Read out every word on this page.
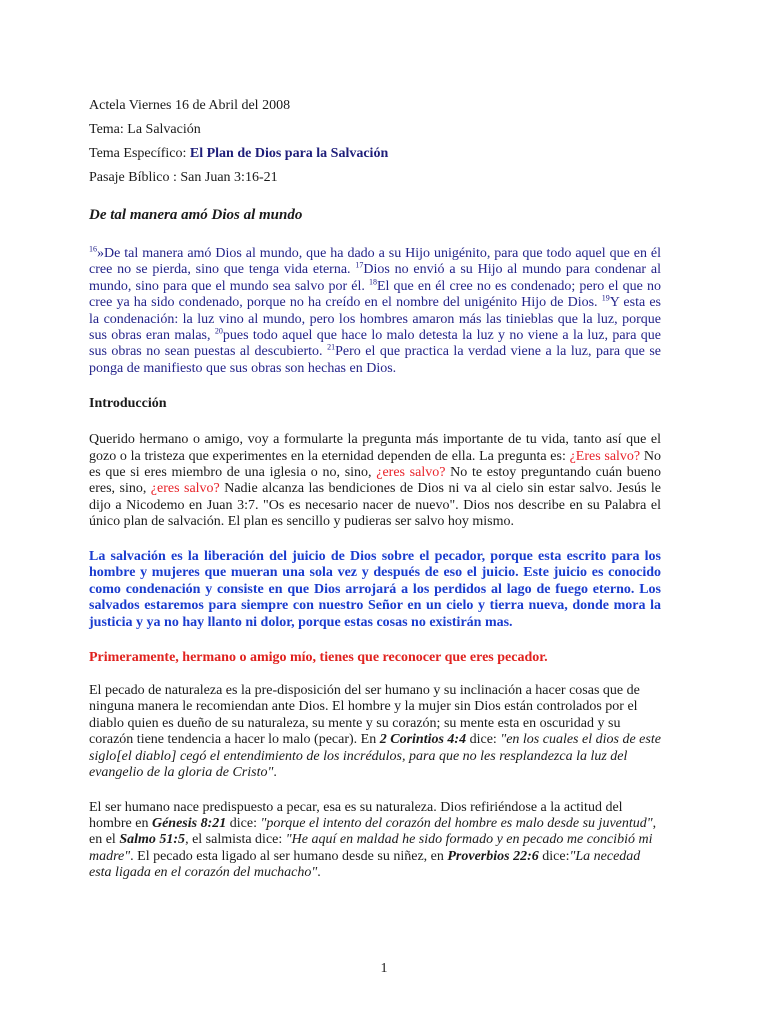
Actela Viernes 16 de Abril del 2008

Tema: La Salvación

Tema Específico: El Plan de Dios para la Salvación

Pasaje Bíblico : San Juan 3:16-21

De tal manera amó Dios al mundo

$^{16}$»De tal manera amó Dios al mundo, que ha dado a su Hijo unigénito, para que todo aquel que en él cree no se pierda, sino que tenga vida eterna. $^{17}$Dios no envió a su Hijo al mundo para condenar al mundo, sino para que el mundo sea salvo por él. $^{18}$El que en él cree no es condenado; pero el que no cree ya ha sido condenado, porque no ha creído en el nombre del unigénito Hijo de Dios. $^{19}$Y esta es la condenación: la luz vino al mundo, pero los hombres amaron más las tinieblas que la luz, porque sus obras eran malas, $^{20}$pues todo aquel que hace lo malo detesta la luz y no viene a la luz, para que sus obras no sean puestas al descubierto. $^{21}$Pero el que practica la verdad viene a la luz, para que se ponga de manifiesto que sus obras son hechas en Dios.

Introducción

Querido hermano o amigo, voy a formularte la pregunta más importante de tu vida, tanto así que el gozo o la tristeza que experimentes en la eternidad dependen de ella. La pregunta es: ¿Eres salvo? No es que si eres miembro de una iglesia o no, sino, ¿eres salvo? No te estoy preguntando cuán bueno eres, sino, ¿eres salvo? Nadie alcanza las bendiciones de Dios ni va al cielo sin estar salvo. Jesús le dijo a Nicodemo en Juan 3:7. "Os es necesario nacer de nuevo". Dios nos describe en su Palabra el único plan de salvación. El plan es sencillo y pudieras ser salvo hoy mismo.

La salvación es la liberación del juicio de Dios sobre el pecador, porque esta escrito para los hombre y mujeres que mueran una sola vez y después de eso el juicio. Este juicio es conocido como condenación y consiste en que Dios arrojará a los perdidos al lago de fuego eterno. Los salvados estaremos para siempre con nuestro Señor en un cielo y tierra nueva, donde mora la justicia y ya no hay llanto ni dolor, porque estas cosas no existirán mas.

Primeramente, hermano o amigo mío, tienes que reconocer que eres pecador.

El pecado de naturaleza es la pre-disposición del ser humano y su inclinación a hacer cosas que de ninguna manera le recomiendan ante Dios. El hombre y la mujer sin Dios están controlados por el diablo quien es dueño de su naturaleza, su mente y su corazón; su mente esta en oscuridad y su corazón tiene tendencia a hacer lo malo (pecar). En 2 Corintios 4:4 dice: "en los cuales el dios de este siglo[el diablo] cegó el entendimiento de los incrédulos, para que no les resplandezca la luz del evangelio de la gloria de Cristo".

El ser humano nace predispuesto a pecar, esa es su naturaleza. Dios refiriéndose a la actitud del hombre en Génesis 8:21 dice: "porque el intento del corazón del hombre es malo desde su juventud", en el Salmo 51:5, el salmista dice: "He aquí en maldad he sido formado y en pecado me concibió mi madre". El pecado esta ligado al ser humano desde su niñez, en Proverbios 22:6 dice:"La necedad esta ligada en el corazón del muchacho".

1
